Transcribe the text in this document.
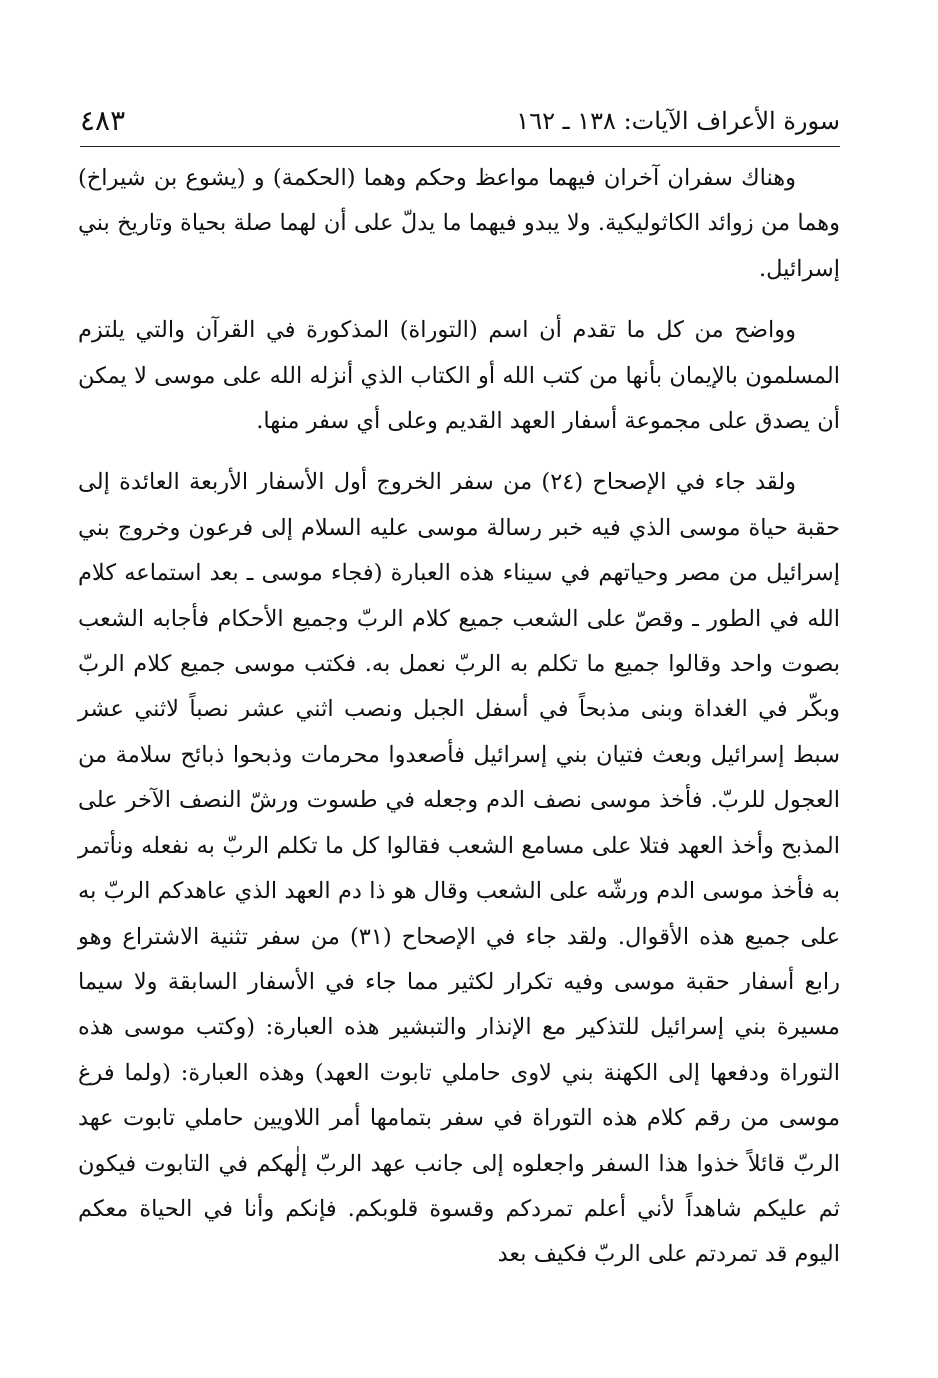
سورة الأعراف الآيات: ١٣٨ ـ ١٦٢
٤٨٣

وهناك سفران آخران فيهما مواعظ وحكم وهما (الحكمة) و (يشوع بن شيراخ) وهما من زوائد الكاثوليكية. ولا يبدو فيهما ما يدلّ على أن لهما صلة بحياة وتاريخ بني إسرائيل.

وواضح من كل ما تقدم أن اسم (التوراة) المذكورة في القرآن والتي يلتزم المسلمون بالإيمان بأنها من كتب الله أو الكتاب الذي أنزله الله على موسى لا يمكن أن يصدق على مجموعة أسفار العهد القديم وعلى أي سفر منها.

ولقد جاء في الإصحاح (٢٤) من سفر الخروج أول الأسفار الأربعة العائدة إلى حقبة حياة موسى الذي فيه خبر رسالة موسى عليه السلام إلى فرعون وخروج بني إسرائيل من مصر وحياتهم في سيناء هذه العبارة (فجاء موسى ـ بعد استماعه كلام الله في الطور ـ وقصّ على الشعب جميع كلام الربّ وجميع الأحكام فأجابه الشعب بصوت واحد وقالوا جميع ما تكلم به الربّ نعمل به. فكتب موسى جميع كلام الربّ وبكّر في الغداة وبنى مذبحاً في أسفل الجبل ونصب اثني عشر نصباً لاثني عشر سبط إسرائيل وبعث فتيان بني إسرائيل فأصعدوا محرمات وذبحوا ذبائح سلامة من العجول للربّ. فأخذ موسى نصف الدم وجعله في طسوت ورشّ النصف الآخر على المذبح وأخذ العهد فتلا على مسامع الشعب فقالوا كل ما تكلم الربّ به نفعله ونأتمر به فأخذ موسى الدم ورشّه على الشعب وقال هو ذا دم العهد الذي عاهدكم الربّ به على جميع هذه الأقوال. ولقد جاء في الإصحاح (٣١) من سفر تثنية الاشتراع وهو رابع أسفار حقبة موسى وفيه تكرار لكثير مما جاء في الأسفار السابقة ولا سيما مسيرة بني إسرائيل للتذكير مع الإنذار والتبشير هذه العبارة: (وكتب موسى هذه التوراة ودفعها إلى الكهنة بني لاوى حاملي تابوت العهد) وهذه العبارة: (ولما فرغ موسى من رقم كلام هذه التوراة في سفر بتمامها أمر اللاويين حاملي تابوت عهد الربّ قائلاً خذوا هذا السفر واجعلوه إلى جانب عهد الربّ إلٰهكم في التابوت فيكون ثم عليكم شاهداً لأني أعلم تمردكم وقسوة قلوبكم. فإنكم وأنا في الحياة معكم اليوم قد تمردتم على الربّ فكيف بعد
